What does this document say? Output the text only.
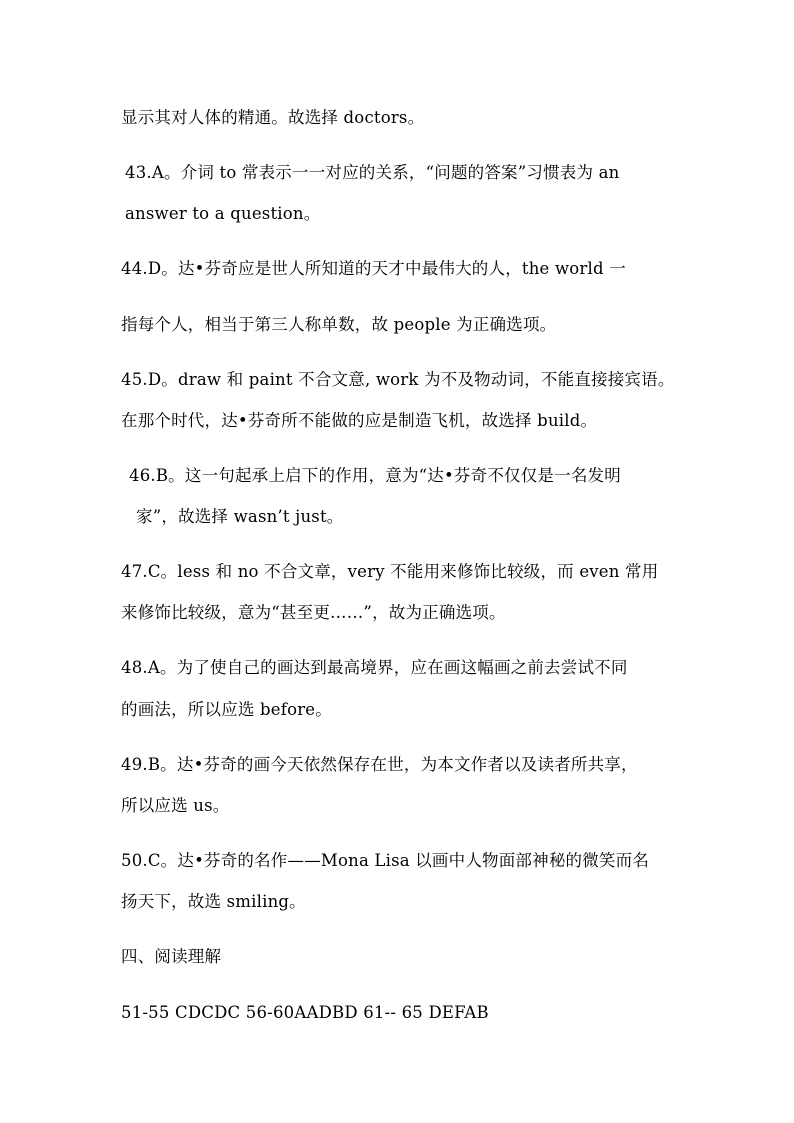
显示其对人体的精通。故选择 doctors。
43.A。介词 to 常表示一一对应的关系，“问题的答案”习惯表为 an
answer to a question。
44.D。达•芬奇应是世人所知道的天才中最伟大的人，the world 一
指每个人，相当于第三人称单数，故 people 为正确选项。
45.D。draw 和 paint 不合文意, work 为不及物动词，不能直接接宾语。
在那个时代，达•芬奇所不能做的应是制造飞机，故选择 build。
46.B。这一句起承上启下的作用，意为“达•芬奇不仅仅是一名发明
家”，故选择 wasn’t just。
47.C。less 和 no 不合文章，very 不能用来修饰比较级，而 even 常用
来修饰比较级，意为“甚至更……”，故为正确选项。
48.A。为了使自己的画达到最高境界，应在画这幅画之前去尝试不同
的画法，所以应选 before。
49.B。达•芬奇的画今天依然保存在世，为本文作者以及读者所共享，
所以应选 us。
50.C。达•芬奇的名作——Mona Lisa 以画中人物面部神秘的微笑而名
扬天下，故选 smiling。
四、阅读理解
51-55 CDCDC 56-60AADBD 61-- 65 DEFAB
